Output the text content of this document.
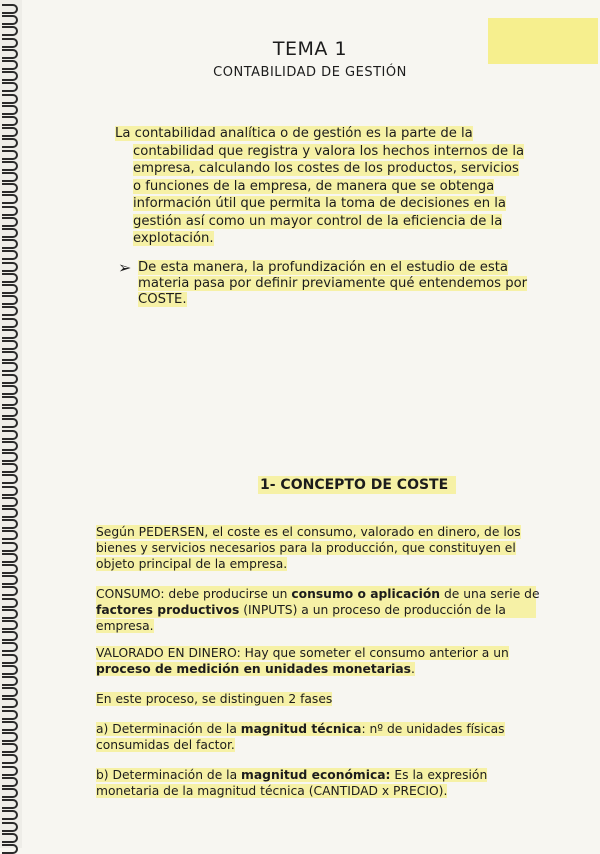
TEMA 1
CONTABILIDAD DE GESTIÓN
La contabilidad analítica o de gestión es la parte de la
contabilidad que registra y valora los hechos internos de la
empresa, calculando los costes de los productos, servicios
o funciones de la empresa, de manera que se obtenga
información útil que permita la toma de decisiones en la
gestión así como un mayor control de la eficiencia de la
explotación.
➢ De esta manera, la profundización en el estudio de esta
materia pasa por definir previamente qué entendemos por
COSTE.
1- CONCEPTO DE COSTE
Según PEDERSEN, el coste es el consumo, valorado en dinero, de los
bienes y servicios necesarios para la producción, que constituyen el
objeto principal de la empresa.
CONSUMO: debe producirse un consumo o aplicación de una serie de
factores productivos (INPUTS) a un proceso de producción de la
empresa.
VALORADO EN DINERO: Hay que someter el consumo anterior a un
proceso de medición en unidades monetarias.
En este proceso, se distinguen 2 fases
a) Determinación de la magnitud técnica: nº de unidades físicas
consumidas del factor.
b) Determinación de la magnitud económica: Es la expresión
monetaria de la magnitud técnica (CANTIDAD x PRECIO).
